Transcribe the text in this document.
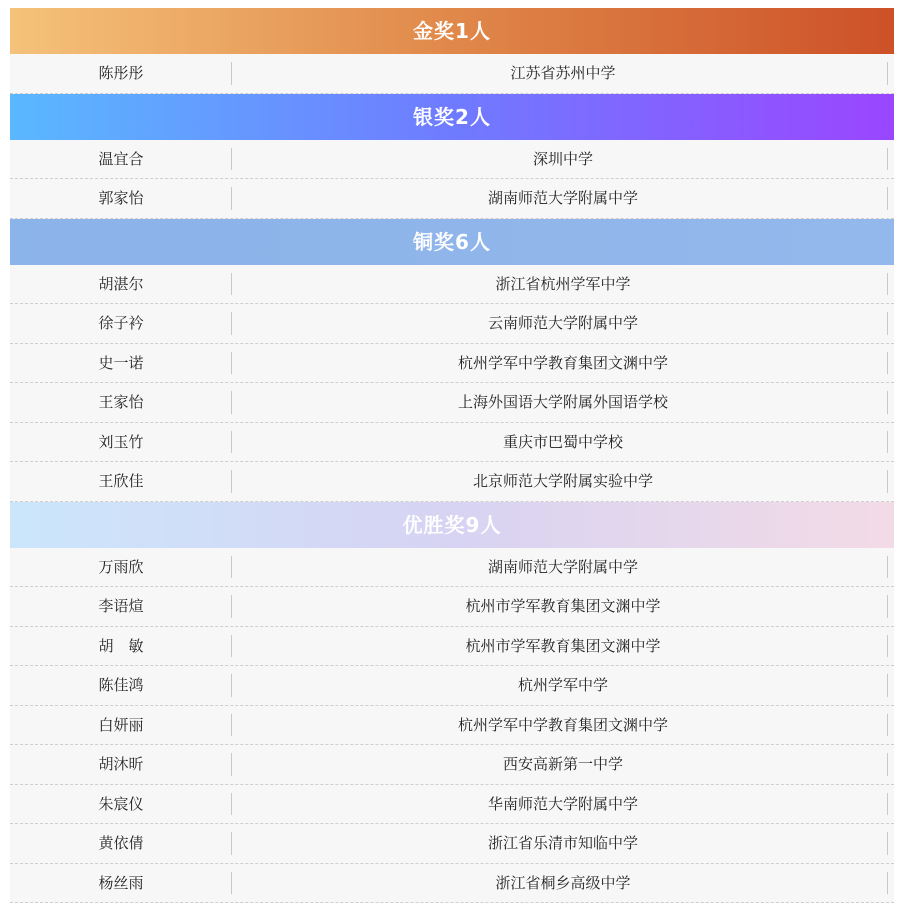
金奖1人
陈彤彤	江苏省苏州中学
银奖2人
温宜合	深圳中学
郭家怡	湖南师范大学附属中学
铜奖6人
胡湛尔	浙江省杭州学军中学
徐子衿	云南师范大学附属中学
史一诺	杭州学军中学教育集团文渊中学
王家怡	上海外国语大学附属外国语学校
刘玉竹	重庆市巴蜀中学校
王欣佳	北京师范大学附属实验中学
优胜奖9人
万雨欣	湖南师范大学附属中学
李语煊	杭州市学军教育集团文渊中学
胡　敏	杭州市学军教育集团文渊中学
陈佳鸿	杭州学军中学
白妍丽	杭州学军中学教育集团文渊中学
胡沐昕	西安高新第一中学
朱宸仪	华南师范大学附属中学
黄依倩	浙江省乐清市知临中学
杨丝雨	浙江省桐乡高级中学
